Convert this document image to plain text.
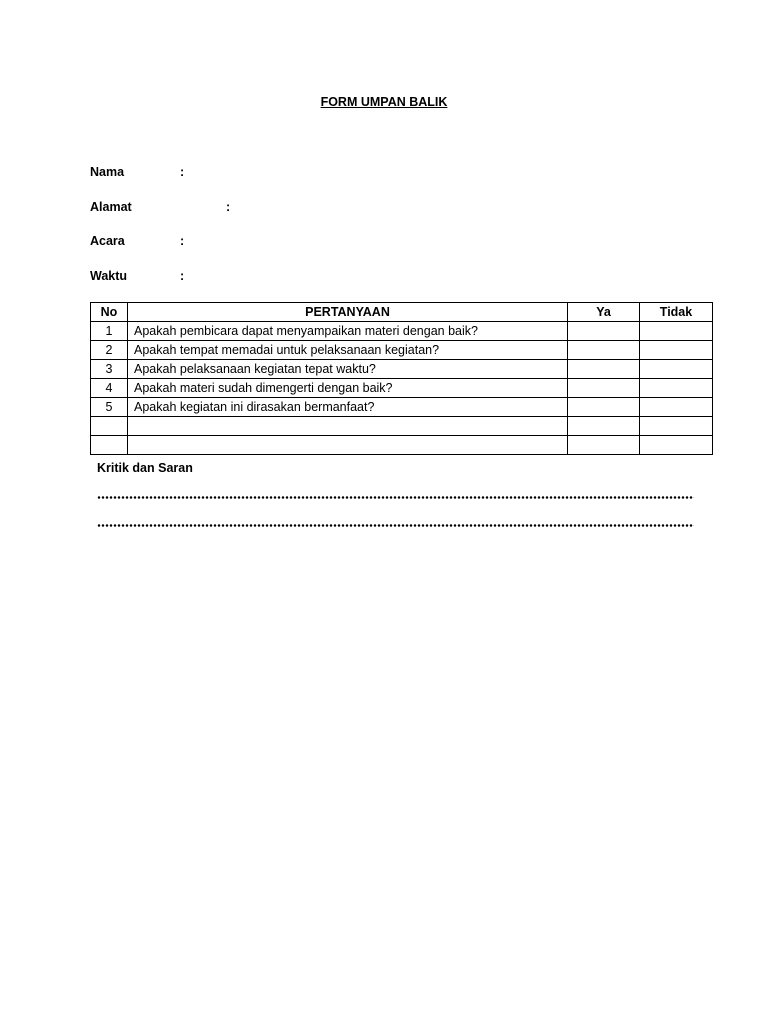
FORM UMPAN BALIK
Nama	:
Alamat	:
Acara	:
Waktu	:
No	PERTANYAAN	Ya	Tidak
1	Apakah pembicara dapat menyampaikan materi dengan baik?		
2	Apakah tempat memadai untuk pelaksanaan kegiatan?		
3	Apakah pelaksanaan kegiatan tepat waktu?		
4	Apakah materi sudah dimengerti dengan baik?		
5	Apakah kegiatan ini dirasakan bermanfaat?		

Kritik dan Saran
